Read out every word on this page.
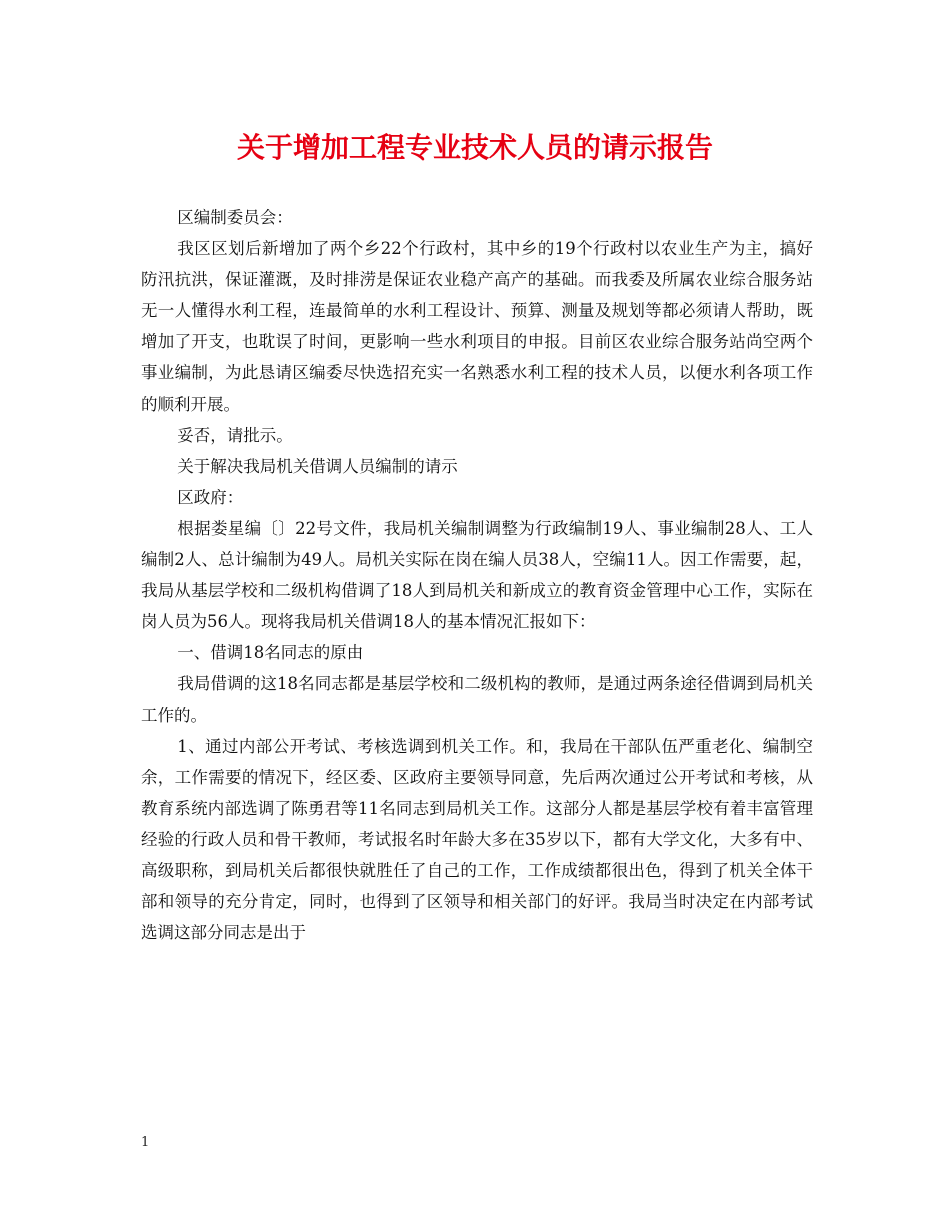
关于增加工程专业技术人员的请示报告

区编制委员会：

我区区划后新增加了两个乡22个行政村，其中乡的19个行政村以农业生产为主，搞好防汛抗洪，保证灌溉，及时排涝是保证农业稳产高产的基础。而我委及所属农业综合服务站无一人懂得水利工程，连最简单的水利工程设计、预算、测量及规划等都必须请人帮助，既增加了开支，也耽误了时间，更影响一些水利项目的申报。目前区农业综合服务站尚空两个事业编制，为此恳请区编委尽快选招充实一名熟悉水利工程的技术人员，以便水利各项工作的顺利开展。

妥否，请批示。

关于解决我局机关借调人员编制的请示

区政府：

根据娄星编〔〕22号文件，我局机关编制调整为行政编制19人、事业编制28人、工人编制2人、总计编制为49人。局机关实际在岗在编人员38人，空编11人。因工作需要，起，我局从基层学校和二级机构借调了18人到局机关和新成立的教育资金管理中心工作，实际在岗人员为56人。现将我局机关借调18人的基本情况汇报如下：

一、借调18名同志的原由

我局借调的这18名同志都是基层学校和二级机构的教师，是通过两条途径借调到局机关工作的。

1、通过内部公开考试、考核选调到机关工作。和，我局在干部队伍严重老化、编制空余，工作需要的情况下，经区委、区政府主要领导同意，先后两次通过公开考试和考核，从教育系统内部选调了陈勇君等11名同志到局机关工作。这部分人都是基层学校有着丰富管理经验的行政人员和骨干教师，考试报名时年龄大多在35岁以下，都有大学文化，大多有中、高级职称，到局机关后都很快就胜任了自己的工作，工作成绩都很出色，得到了机关全体干部和领导的充分肯定，同时，也得到了区领导和相关部门的好评。我局当时决定在内部考试选调这部分同志是出于

1
